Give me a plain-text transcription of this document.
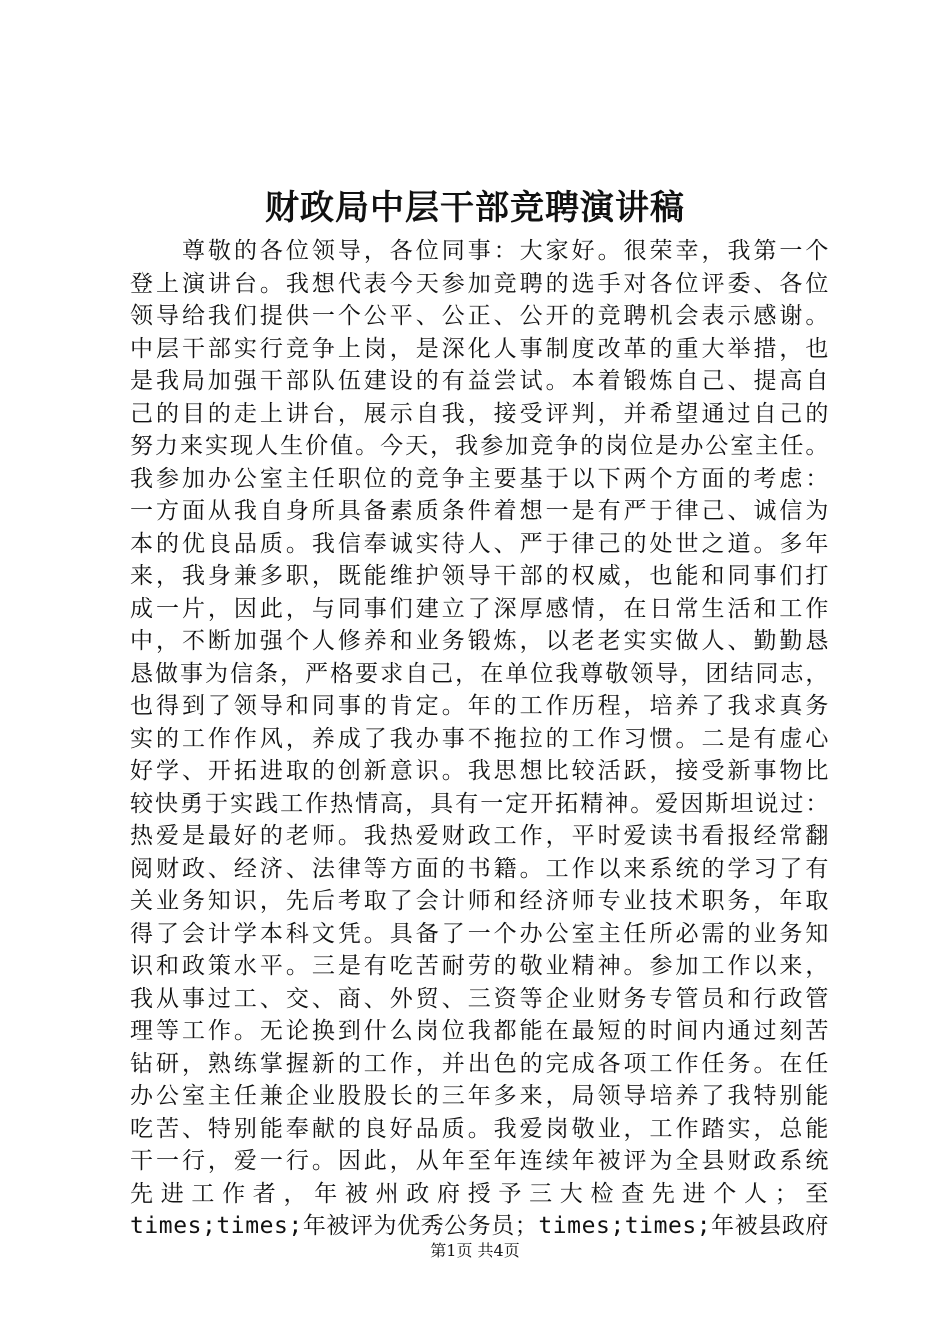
财政局中层干部竞聘演讲稿
尊敬的各位领导，各位同事：大家好。很荣幸，我第一个
登上演讲台。我想代表今天参加竞聘的选手对各位评委、各位
领导给我们提供一个公平、公正、公开的竞聘机会表示感谢。
中层干部实行竞争上岗，是深化人事制度改革的重大举措，也
是我局加强干部队伍建设的有益尝试。本着锻炼自己、提高自
己的目的走上讲台，展示自我，接受评判，并希望通过自己的
努力来实现人生价值。今天，我参加竞争的岗位是办公室主任。
我参加办公室主任职位的竞争主要基于以下两个方面的考虑：
一方面从我自身所具备素质条件着想一是有严于律己、诚信为
本的优良品质。我信奉诚实待人、严于律己的处世之道。多年
来，我身兼多职，既能维护领导干部的权威，也能和同事们打
成一片，因此，与同事们建立了深厚感情，在日常生活和工作
中，不断加强个人修养和业务锻炼，以老老实实做人、勤勤恳
恳做事为信条，严格要求自己，在单位我尊敬领导，团结同志，
也得到了领导和同事的肯定。年的工作历程，培养了我求真务
实的工作作风，养成了我办事不拖拉的工作习惯。二是有虚心
好学、开拓进取的创新意识。我思想比较活跃，接受新事物比
较快勇于实践工作热情高，具有一定开拓精神。爱因斯坦说过：
热爱是最好的老师。我热爱财政工作，平时爱读书看报经常翻
阅财政、经济、法律等方面的书籍。工作以来系统的学习了有
关业务知识，先后考取了会计师和经济师专业技术职务，年取
得了会计学本科文凭。具备了一个办公室主任所必需的业务知
识和政策水平。三是有吃苦耐劳的敬业精神。参加工作以来，
我从事过工、交、商、外贸、三资等企业财务专管员和行政管
理等工作。无论换到什么岗位我都能在最短的时间内通过刻苦
钻研，熟练掌握新的工作，并出色的完成各项工作任务。在任
办公室主任兼企业股股长的三年多来，局领导培养了我特别能
吃苦、特别能奉献的良好品质。我爱岗敬业，工作踏实，总能
干一行，爱一行。因此，从年至年连续年被评为全县财政系统
先进工作者，年被州政府授予三大检查先进个人；至
times;times;年被评为优秀公务员；times;times;年被县政府
第1页 共4页
